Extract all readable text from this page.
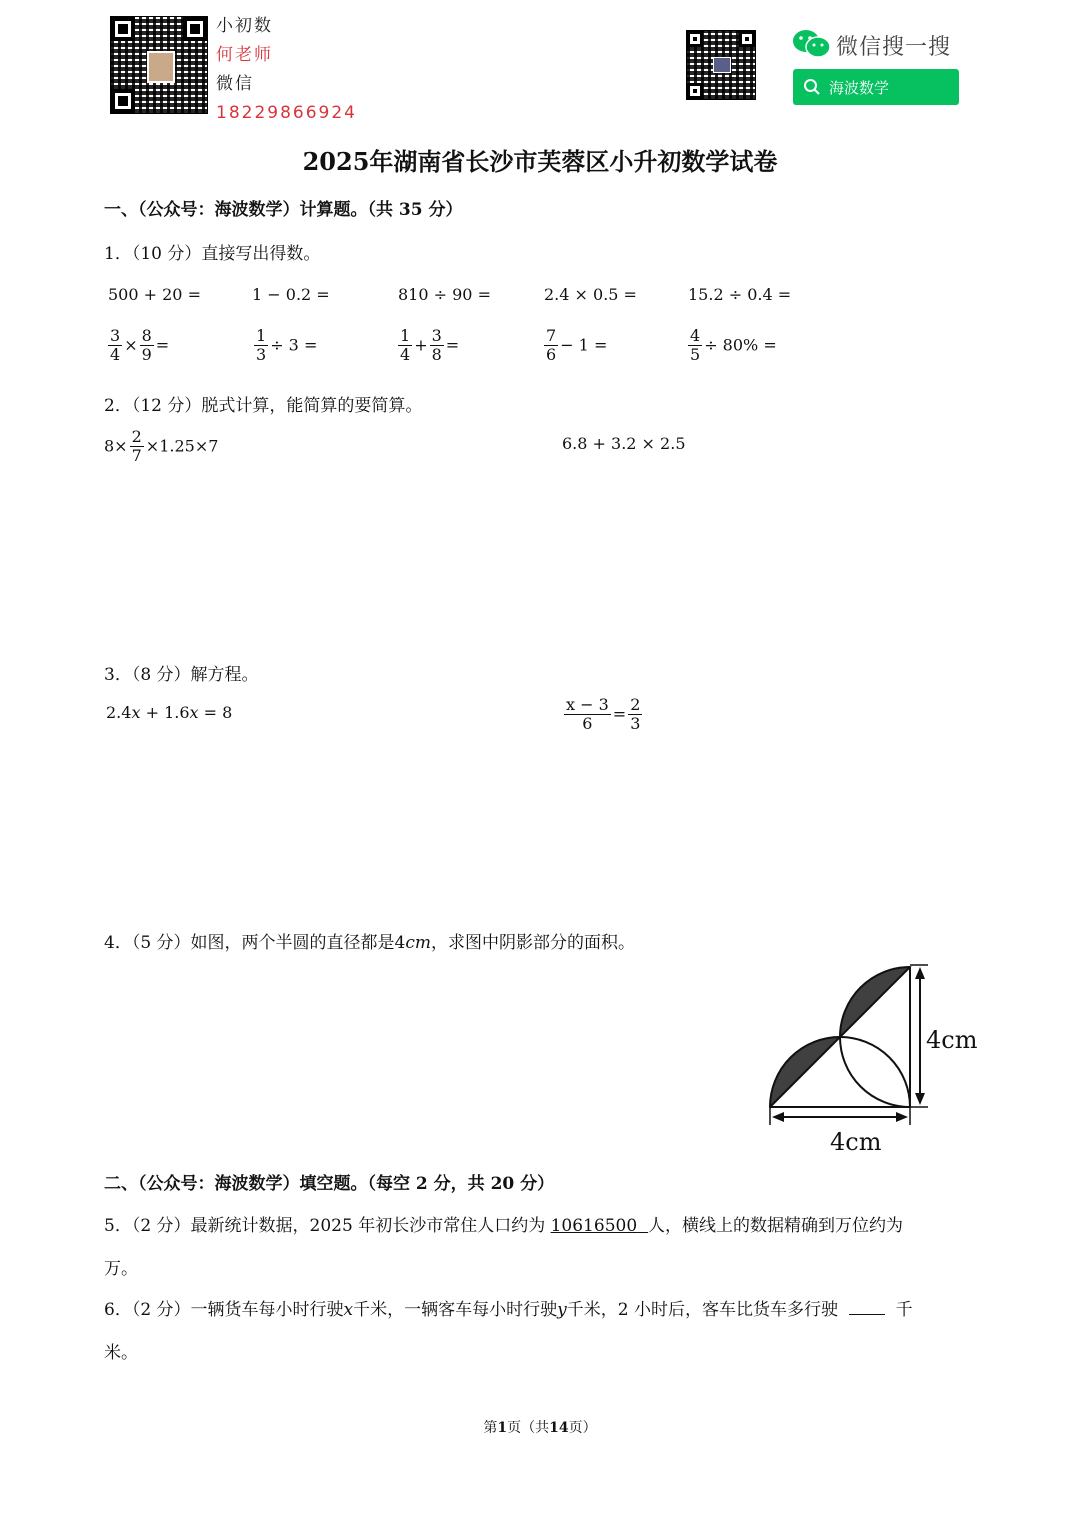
小初数
何老师
微信
18229866924
微信搜一搜
海波数学
2025年湖南省长沙市芙蓉区小升初数学试卷
一、（公众号：海波数学）计算题。（共 35 分）
1．（10 分）直接写出得数。
500 + 20 =	1 − 0.2 =	810 ÷ 90 =	2.4 × 0.5 =	15.2 ÷ 0.4 =
$\frac{3}{4} \times \frac{8}{9}$ =	$\frac{1}{3} \div 3$ =	$\frac{1}{4} + \frac{3}{8}$ =	$\frac{7}{6} - 1$ =	$\frac{4}{5} \div 80\%$ =
2．（12 分）脱式计算，能简算的要简算。
$8\times \frac{2}{7} \times 1.25\times 7$	6.8 + 3.2 × 2.5
3．（8 分）解方程。
2.4x + 1.6x = 8	$\frac{x - 3}{6} = \frac{2}{3}$
4．（5 分）如图，两个半圆的直径都是4cm，求图中阴影部分的面积。
4cm
4cm
二、（公众号：海波数学）填空题。（每空 2 分，共 20 分）
5．（2 分）最新统计数据，2025 年初长沙市常住人口约为 10616500 人，横线上的数据精确到万位约为
万。
6．（2 分）一辆货车每小时行驶x千米，一辆客车每小时行驶y千米，2 小时后，客车比货车多行驶	千
米。
第1页（共14页）
